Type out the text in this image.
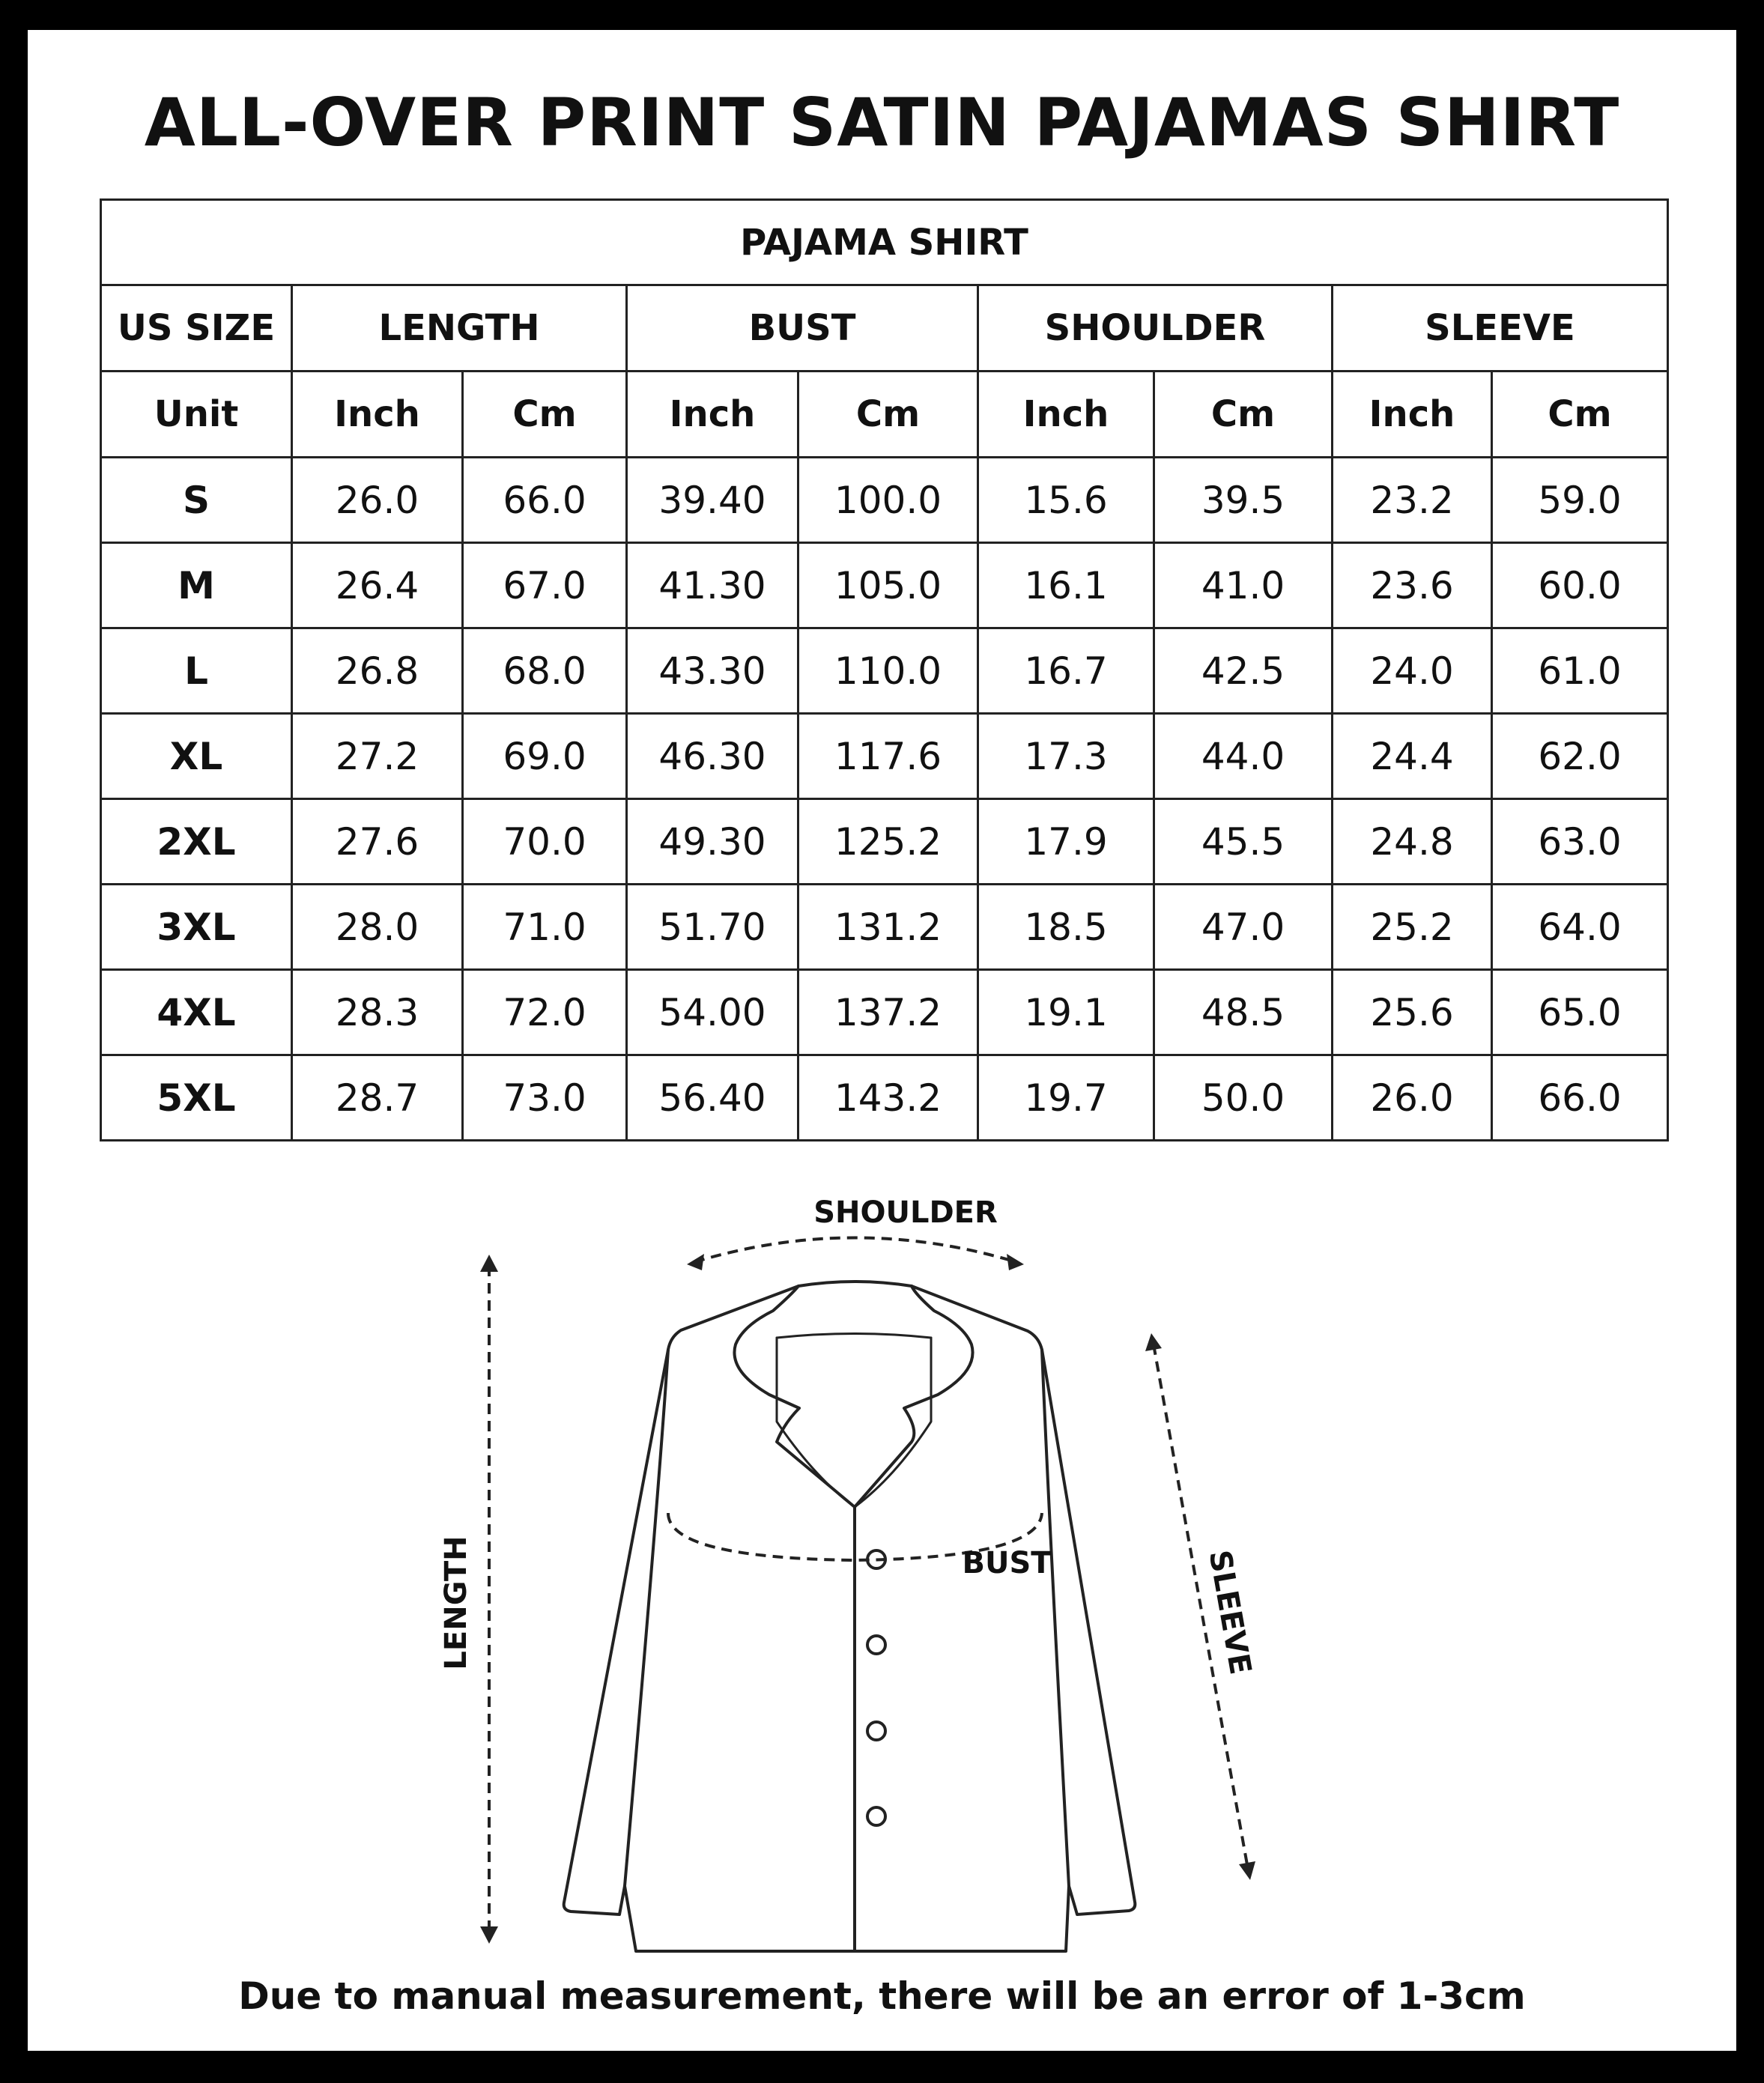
ALL-OVER PRINT SATIN PAJAMAS SHIRT
PAJAMA SHIRT								
US SIZE	LENGTH		BUST		SHOULDER		SLEEVE	
Unit	Inch	Cm	Inch	Cm	Inch	Cm	Inch	Cm
S	26.0	66.0	39.40	100.0	15.6	39.5	23.2	59.0
M	26.4	67.0	41.30	105.0	16.1	41.0	23.6	60.0
L	26.8	68.0	43.30	110.0	16.7	42.5	24.0	61.0
XL	27.2	69.0	46.30	117.6	17.3	44.0	24.4	62.0
2XL	27.6	70.0	49.30	125.2	17.9	45.5	24.8	63.0
3XL	28.0	71.0	51.70	131.2	18.5	47.0	25.2	64.0
4XL	28.3	72.0	54.00	137.2	19.1	48.5	25.6	65.0
5XL	28.7	73.0	56.40	143.2	19.7	50.0	26.0	66.0
SHOULDER
BUST
LENGTH	SLEEVE
Due to manual measurement, there will be an error of 1-3cm
